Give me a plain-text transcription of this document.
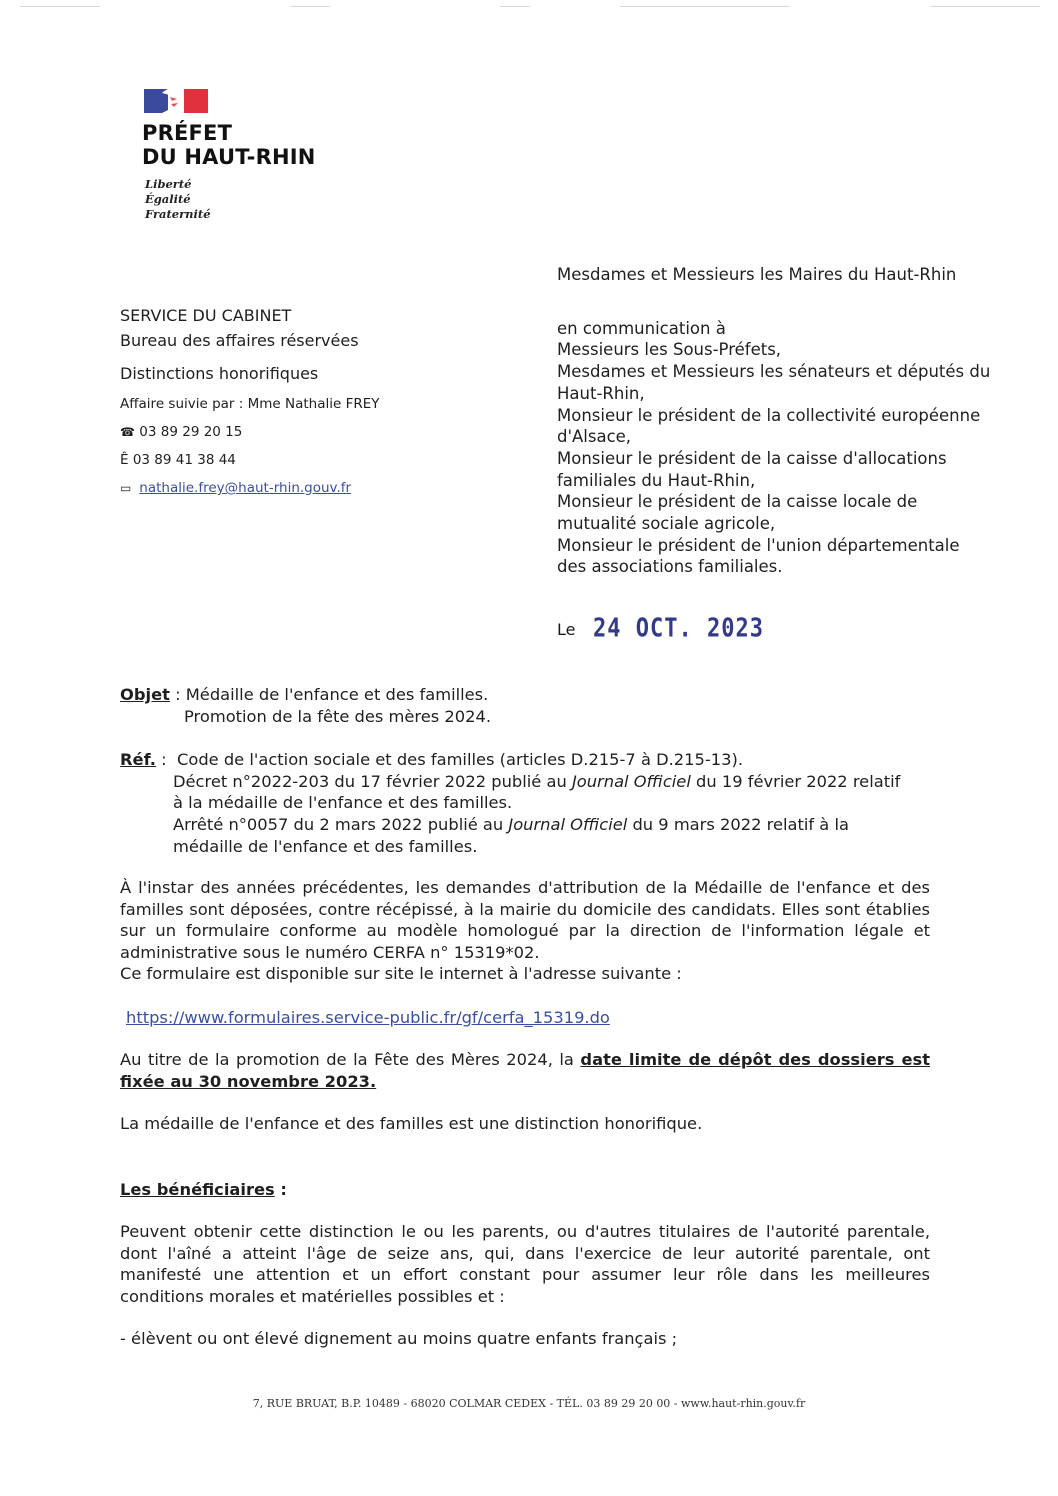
PRÉFET
DU HAUT-RHIN
Liberté
Égalité
Fraternité
Mesdames et Messieurs les Maires du Haut-Rhin
en communication à
Messieurs les Sous-Préfets,
Mesdames et Messieurs les sénateurs et députés du
Haut-Rhin,
Monsieur le président de la collectivité européenne
d'Alsace,
Monsieur le président de la caisse d'allocations
familiales du Haut-Rhin,
Monsieur le président de la caisse locale de
mutualité sociale agricole,
Monsieur le président de l'union départementale
des associations familiales.
SERVICE DU CABINET
Bureau des affaires réservées
Distinctions honorifiques
Affaire suivie par : Mme Nathalie FREY
☎ 03 89 29 20 15
Ê 03 89 41 38 44
▭ nathalie.frey@haut-rhin.gouv.fr
Le 24 OCT. 2023
Objet : Médaille de l'enfance et des familles.
Promotion de la fête des mères 2024.
Réf. :  Code de l'action sociale et des familles (articles D.215-7 à D.215-13).
Décret n°2022-203 du 17 février 2022 publié au Journal Officiel du 19 février 2022 relatif
à la médaille de l'enfance et des familles.
Arrêté n°0057 du 2 mars 2022 publié au Journal Officiel du 9 mars 2022 relatif à la
médaille de l'enfance et des familles.
À l'instar des années précédentes, les demandes d'attribution de la Médaille de l'enfance et des familles sont déposées, contre récépissé, à la mairie du domicile des candidats. Elles sont établies sur un formulaire conforme au modèle homologué par la direction de l'information légale et administrative sous le numéro CERFA n° 15319*02.
Ce formulaire est disponible sur site le internet à l'adresse suivante :
https://www.formulaires.service-public.fr/gf/cerfa_15319.do
Au titre de la promotion de la Fête des Mères 2024, la date limite de dépôt des dossiers est fixée au 30 novembre 2023.
La médaille de l'enfance et des familles est une distinction honorifique.
Les bénéficiaires :
Peuvent obtenir cette distinction le ou les parents, ou d'autres titulaires de l'autorité parentale, dont l'aîné a atteint l'âge de seize ans, qui, dans l'exercice de leur autorité parentale, ont manifesté une attention et un effort constant pour assumer leur rôle dans les meilleures conditions morales et matérielles possibles et :
- élèvent ou ont élevé dignement au moins quatre enfants français ;
7, RUE BRUAT, B.P. 10489 - 68020 COLMAR CEDEX - TÉL. 03 89 29 20 00 - www.haut-rhin.gouv.fr
